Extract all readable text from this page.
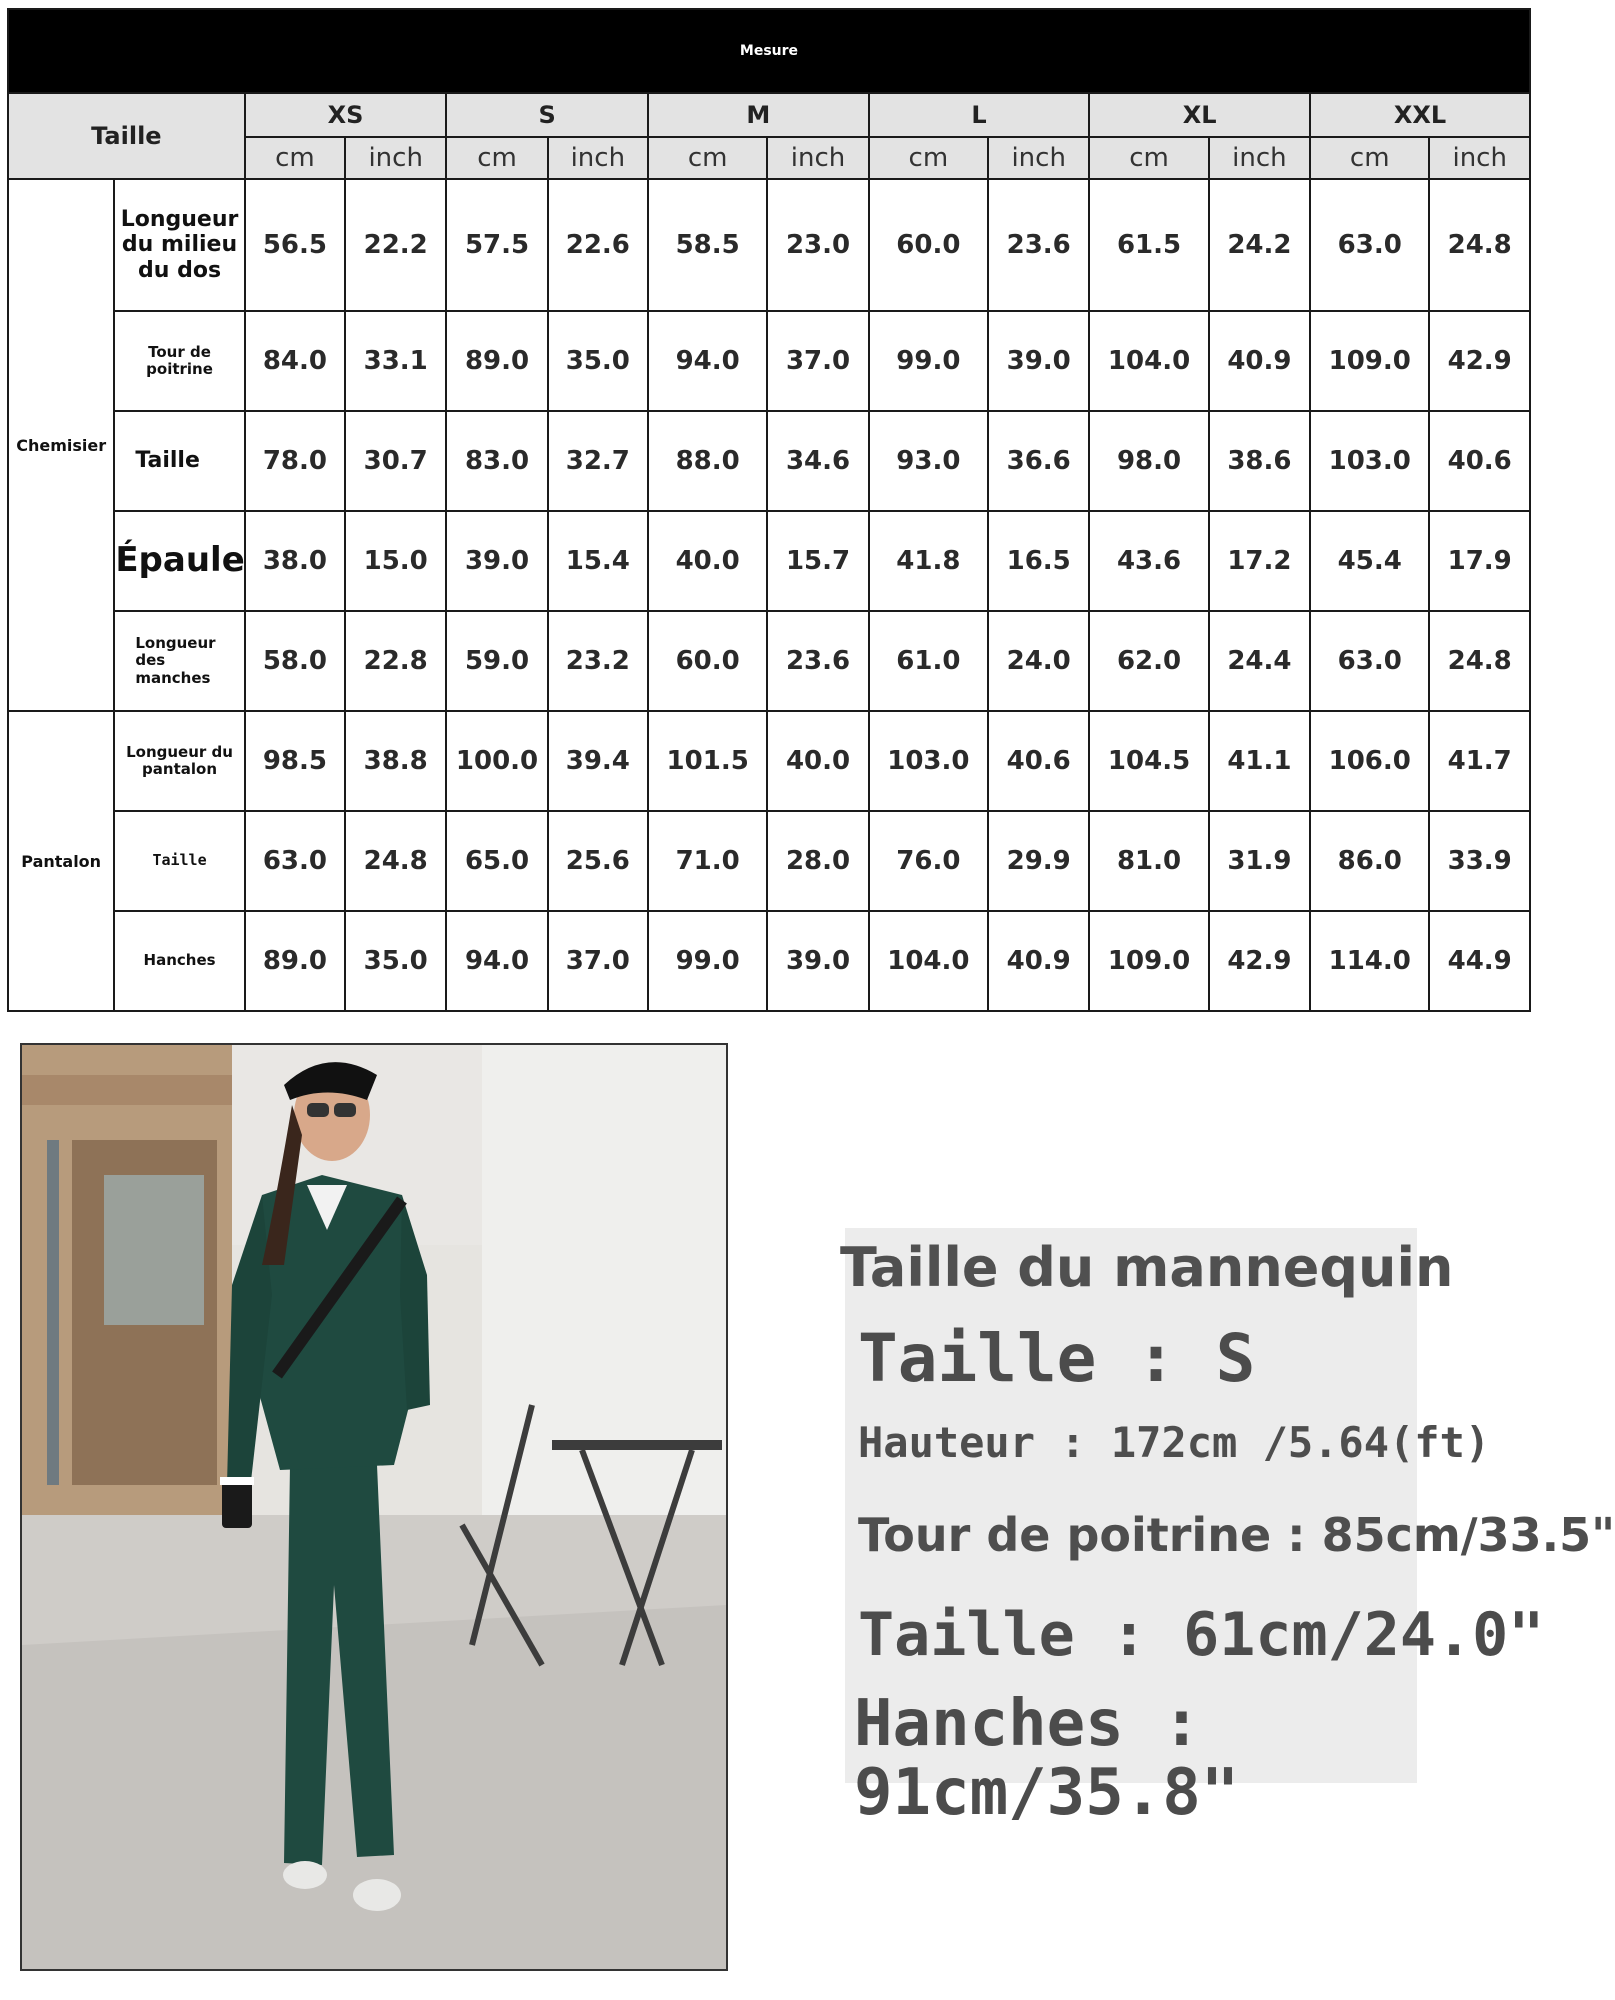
Mesure													
Taille		XS		S		M		L		XL		XXL	
		cm	inch	cm	inch	cm	inch	cm	inch	cm	inch	cm	inch
Chemisier	Longueur du milieu du dos	56.5	22.2	57.5	22.6	58.5	23.0	60.0	23.6	61.5	24.2	63.0	24.8
	Tour de poitrine	84.0	33.1	89.0	35.0	94.0	37.0	99.0	39.0	104.0	40.9	109.0	42.9
	Taille	78.0	30.7	83.0	32.7	88.0	34.6	93.0	36.6	98.0	38.6	103.0	40.6
	Épaule	38.0	15.0	39.0	15.4	40.0	15.7	41.8	16.5	43.6	17.2	45.4	17.9
	Longueur des manches	58.0	22.8	59.0	23.2	60.0	23.6	61.0	24.0	62.0	24.4	63.0	24.8
Pantalon	Longueur du pantalon	98.5	38.8	100.0	39.4	101.5	40.0	103.0	40.6	104.5	41.1	106.0	41.7
	Taille	63.0	24.8	65.0	25.6	71.0	28.0	76.0	29.9	81.0	31.9	86.0	33.9
	Hanches	89.0	35.0	94.0	37.0	99.0	39.0	104.0	40.9	109.0	42.9	114.0	44.9
Taille du mannequin
Taille : S
Hauteur : 172cm /5.64(ft)
Tour de poitrine : 85cm/33.5"
Taille : 61cm/24.0"
Hanches : 91cm/35.8"
